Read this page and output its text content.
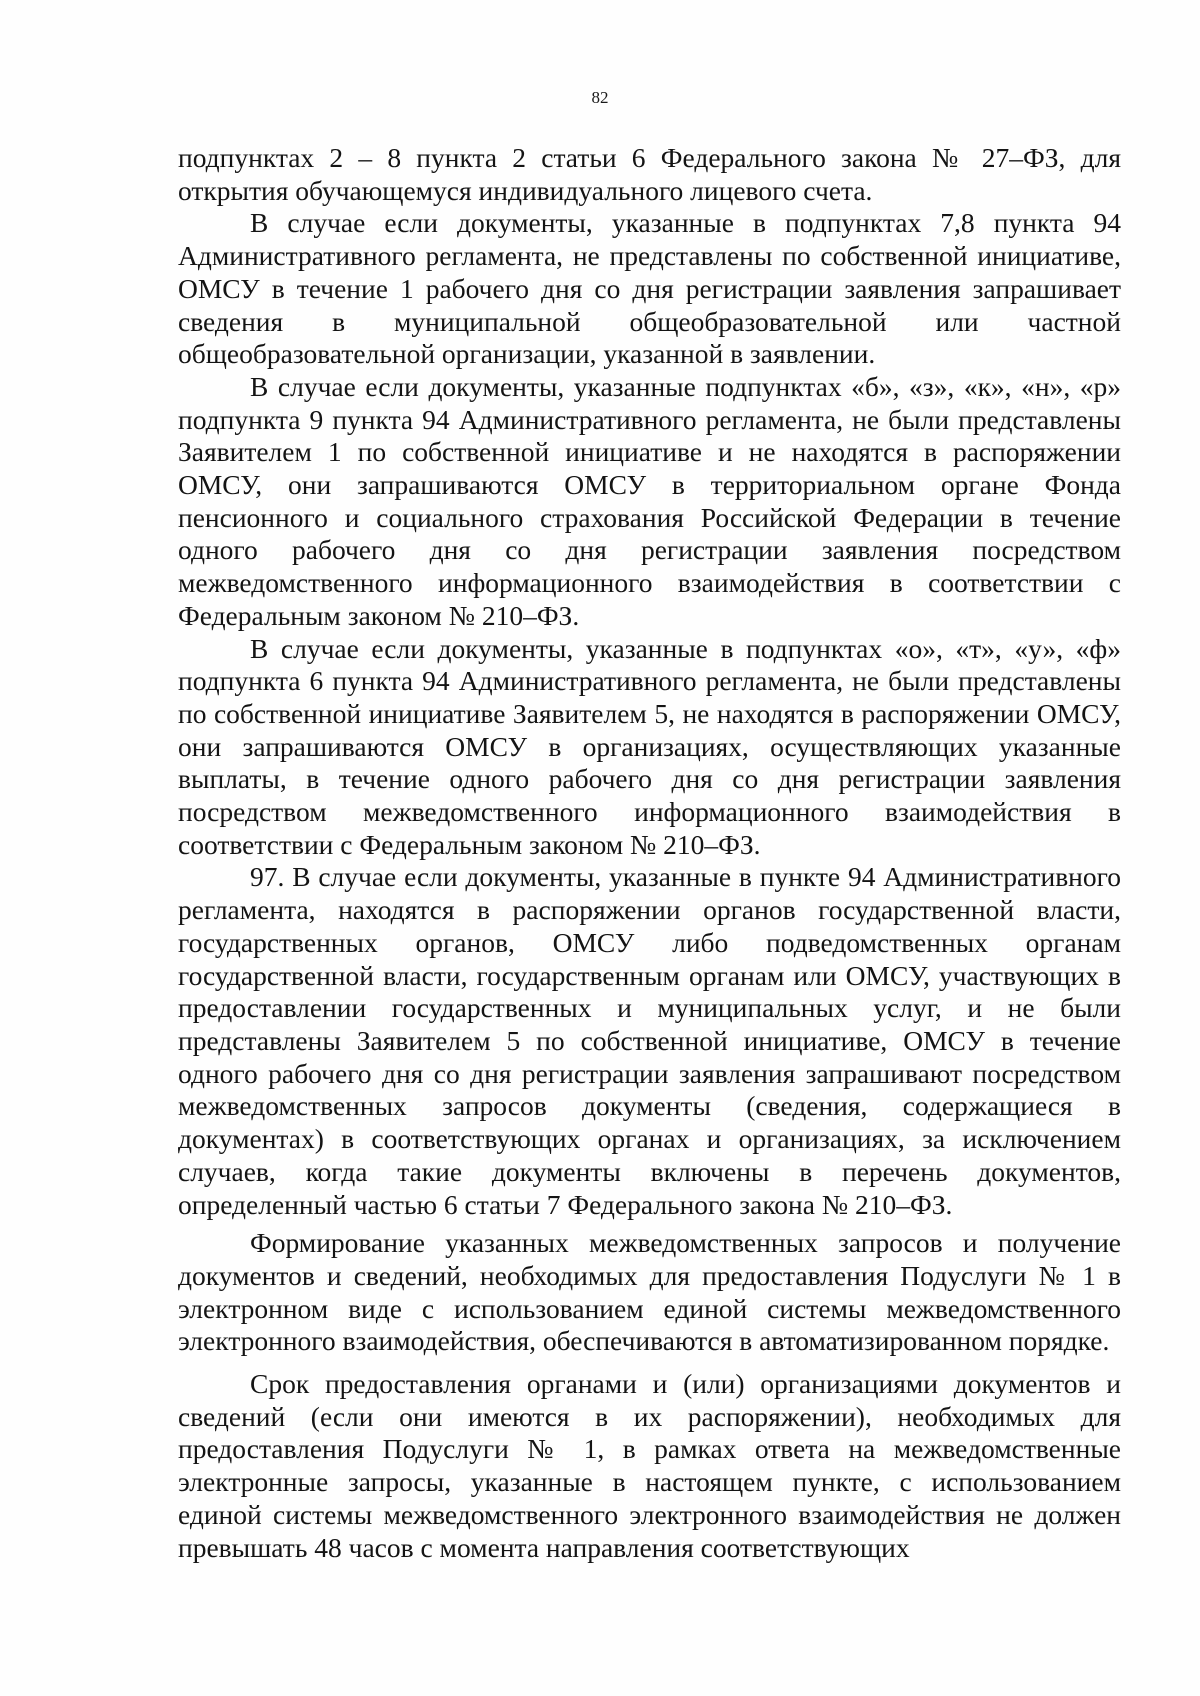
82

подпунктах 2 – 8 пункта 2 статьи 6 Федерального закона № 27–ФЗ, для открытия обучающемуся индивидуального лицевого счета.

В случае если документы, указанные в подпунктах 7,8 пункта 94 Административного регламента, не представлены по собственной инициативе, ОМСУ в течение 1 рабочего дня со дня регистрации заявления запрашивает сведения в муниципальной общеобразовательной или частной общеобразовательной организации, указанной в заявлении.

В случае если документы, указанные подпунктах «б», «з», «к», «н», «р» подпункта 9 пункта 94 Административного регламента, не были представлены Заявителем 1 по собственной инициативе и не находятся в распоряжении ОМСУ, они запрашиваются ОМСУ в территориальном органе Фонда пенсионного и социального страхования Российской Федерации в течение одного рабочего дня со дня регистрации заявления посредством межведомственного информационного взаимодействия в соответствии с Федеральным законом № 210–ФЗ.

В случае если документы, указанные в подпунктах «о», «т», «у», «ф» подпункта 6 пункта 94 Административного регламента, не были представлены по собственной инициативе Заявителем 5, не находятся в распоряжении ОМСУ, они запрашиваются ОМСУ в организациях, осуществляющих указанные выплаты, в течение одного рабочего дня со дня регистрации заявления посредством межведомственного информационного взаимодействия в соответствии с Федеральным законом № 210–ФЗ.

97. В случае если документы, указанные в пункте 94 Административного регламента, находятся в распоряжении органов государственной власти, государственных органов, ОМСУ либо подведомственных органам государственной власти, государственным органам или ОМСУ, участвующих в предоставлении государственных и муниципальных услуг, и не были представлены Заявителем 5 по собственной инициативе, ОМСУ в течение одного рабочего дня со дня регистрации заявления запрашивают посредством межведомственных запросов документы (сведения, содержащиеся в документах) в соответствующих органах и организациях, за исключением случаев, когда такие документы включены в перечень документов, определенный частью 6 статьи 7 Федерального закона № 210–ФЗ.

Формирование указанных межведомственных запросов и получение документов и сведений, необходимых для предоставления Подуслуги № 1 в электронном виде с использованием единой системы межведомственного электронного взаимодействия, обеспечиваются в автоматизированном порядке.

Срок предоставления органами и (или) организациями документов и сведений (если они имеются в их распоряжении), необходимых для предоставления Подуслуги № 1, в рамках ответа на межведомственные электронные запросы, указанные в настоящем пункте, с использованием единой системы межведомственного электронного взаимодействия не должен превышать 48 часов с момента направления соответствующих
